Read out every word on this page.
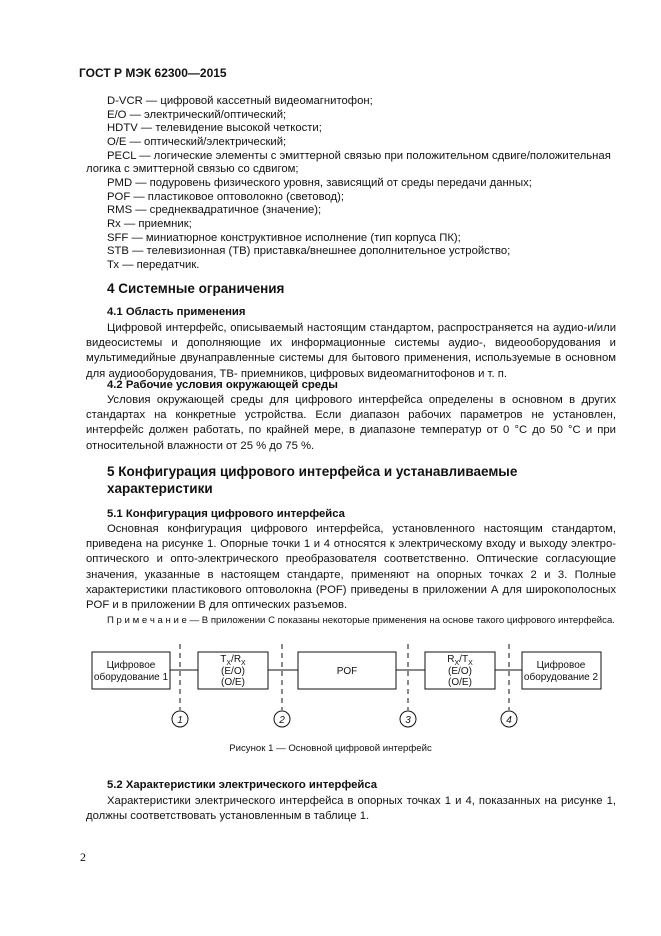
ГОСТ Р МЭК 62300—2015
D-VCR — цифровой кассетный видеомагнитофон;
Е/О — электрический/оптический;
HDTV — телевидение высокой четкости;
О/Е — оптический/электрический;
PECL — логические элементы с эмиттерной связью при положительном сдвиге/положительная
логика с эмиттерной связью со сдвигом;
PMD — подуровень физического уровня, зависящий от среды передачи данных;
POF — пластиковое оптоволокно (световод);
RMS — среднеквадратичное (значение);
Rx — приемник;
SFF — миниатюрное конструктивное исполнение (тип корпуса ПК);
STB — телевизионная (ТВ) приставка/внешнее дополнительное устройство;
Тх — передатчик.
4 Системные ограничения
4.1 Область применения

Цифровой интерфейс, описываемый настоящим стандартом, распространяется на аудио-и/или видеосистемы и дополняющие их информационные системы аудио-, видеооборудования и мультимедийные двунаправленные системы для бытового применения, используемые в основном для аудиооборудования, ТВ- приемников, цифровых видеомагнитофонов и т. п.

4.2 Рабочие условия окружающей среды

Условия окружающей среды для цифрового интерфейса определены в основном в других стандартах на конкретные устройства. Если диапазон рабочих параметров не установлен, интерфейс должен работать, по крайней мере, в диапазоне температур от 0 °С до 50 °С и при относительной влажности от 25 % до 75 %.

5 Конфигурация цифрового интерфейса и устанавливаемые
характеристики
5.1 Конфигурация цифрового интерфейса

Основная конфигурация цифрового интерфейса, установленного настоящим стандартом, приведена на рисунке 1. Опорные точки 1 и 4 относятся к электрическому входу и выходу электро-оптического и опто-электрического преобразователя соответственно. Оптические согласующие значения, указанные в настоящем стандарте, применяют на опорных точках 2 и 3. Полные характеристики пластикового оптоволокна (POF) приведены в приложении А для широкополосных POF и в приложении В для оптических разъемов.

П р и м е ч а н и е — В приложении С показаны некоторые применения на основе такого цифрового интерфейса.

Цифровое
оборудование 1
$T_X/R_X$
(Е/О)
(О/Е)
POF
$R_X/T_X$
(Е/О)
(О/Е)
Цифровое
оборудование 2
1	2	3	4
Рисунок 1 — Основной цифровой интерфейс
5.2 Характеристики электрического интерфейса

Характеристики электрического интерфейса в опорных точках 1 и 4, показанных на рисунке 1, должны соответствовать установленным в таблице 1.

2
